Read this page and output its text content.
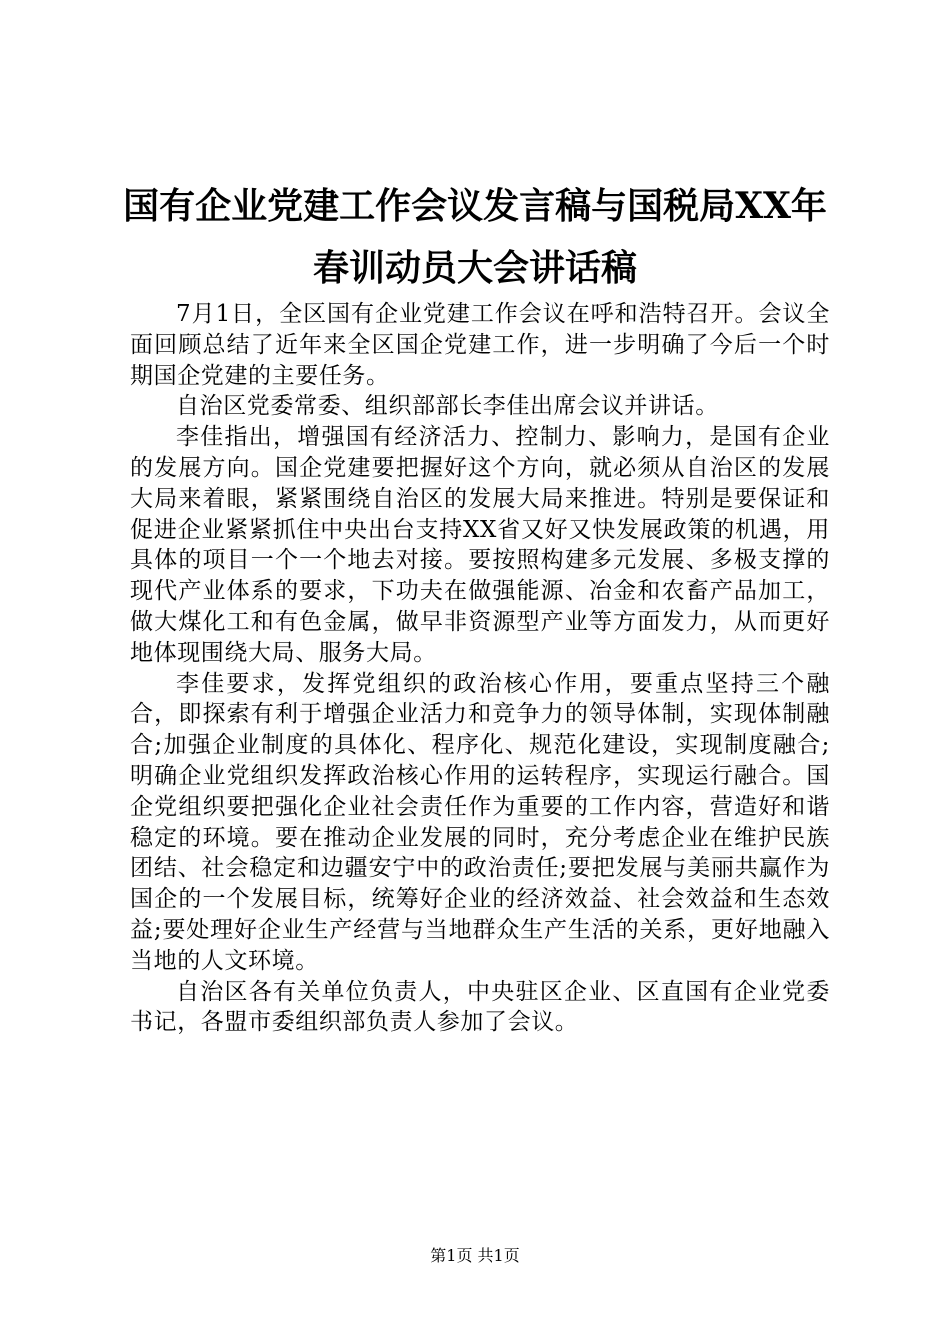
国有企业党建工作会议发言稿与国税局XX年
春训动员大会讲话稿

7月1日，全区国有企业党建工作会议在呼和浩特召开。会议全面回顾总结了近年来全区国企党建工作，进一步明确了今后一个时期国企党建的主要任务。

自治区党委常委、组织部部长李佳出席会议并讲话。

李佳指出，增强国有经济活力、控制力、影响力，是国有企业的发展方向。国企党建要把握好这个方向，就必须从自治区的发展大局来着眼，紧紧围绕自治区的发展大局来推进。特别是要保证和促进企业紧紧抓住中央出台支持XX省又好又快发展政策的机遇，用具体的项目一个一个地去对接。要按照构建多元发展、多极支撑的现代产业体系的要求，下功夫在做强能源、冶金和农畜产品加工，做大煤化工和有色金属，做早非资源型产业等方面发力，从而更好地体现围绕大局、服务大局。

李佳要求，发挥党组织的政治核心作用，要重点坚持三个融合，即探索有利于增强企业活力和竞争力的领导体制，实现体制融合;加强企业制度的具体化、程序化、规范化建设，实现制度融合;明确企业党组织发挥政治核心作用的运转程序，实现运行融合。国企党组织要把强化企业社会责任作为重要的工作内容，营造好和谐稳定的环境。要在推动企业发展的同时，充分考虑企业在维护民族团结、社会稳定和边疆安宁中的政治责任;要把发展与美丽共赢作为国企的一个发展目标，统筹好企业的经济效益、社会效益和生态效益;要处理好企业生产经营与当地群众生产生活的关系，更好地融入当地的人文环境。

自治区各有关单位负责人，中央驻区企业、区直国有企业党委书记，各盟市委组织部负责人参加了会议。

第1页 共1页
